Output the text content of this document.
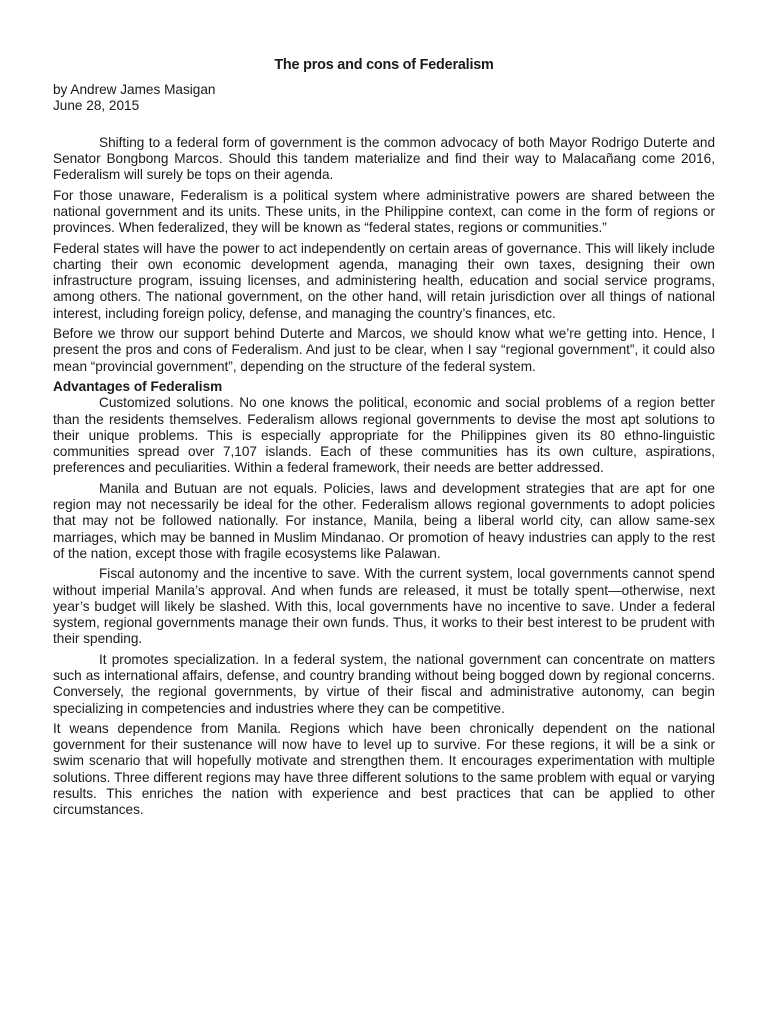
The pros and cons of Federalism
by Andrew James Masigan
June 28, 2015

Shifting to a federal form of government is the common advocacy of both Mayor Rodrigo Duterte and Senator Bongbong Marcos. Should this tandem materialize and find their way to Malacañang come 2016, Federalism will surely be tops on their agenda.

For those unaware, Federalism is a political system where administrative powers are shared between the national government and its units. These units, in the Philippine context, can come in the form of regions or provinces. When federalized, they will be known as “federal states, regions or communities.”

Federal states will have the power to act independently on certain areas of governance. This will likely include charting their own economic development agenda, managing their own taxes, designing their own infrastructure program, issuing licenses, and administering health, education and social service programs, among others. The national government, on the other hand, will retain jurisdiction over all things of national interest, including foreign policy, defense, and managing the country’s finances, etc.

Before we throw our support behind Duterte and Marcos, we should know what we’re getting into. Hence, I present the pros and cons of Federalism. And just to be clear, when I say “regional government”, it could also mean “provincial government”, depending on the structure of the federal system.

Advantages of Federalism

Customized solutions. No one knows the political, economic and social problems of a region better than the residents themselves. Federalism allows regional governments to devise the most apt solutions to their unique problems. This is especially appropriate for the Philippines given its 80 ethno-linguistic communities spread over 7,107 islands. Each of these communities has its own culture, aspirations, preferences and peculiarities. Within a federal framework, their needs are better addressed.

Manila and Butuan are not equals. Policies, laws and development strategies that are apt for one region may not necessarily be ideal for the other. Federalism allows regional governments to adopt policies that may not be followed nationally. For instance, Manila, being a liberal world city, can allow same-sex marriages, which may be banned in Muslim Mindanao. Or promotion of heavy industries can apply to the rest of the nation, except those with fragile ecosystems like Palawan.

Fiscal autonomy and the incentive to save. With the current system, local governments cannot spend without imperial Manila’s approval. And when funds are released, it must be totally spent—otherwise, next year’s budget will likely be slashed. With this, local governments have no incentive to save. Under a federal system, regional governments manage their own funds. Thus, it works to their best interest to be prudent with their spending.

It promotes specialization. In a federal system, the national government can concentrate on matters such as international affairs, defense, and country branding without being bogged down by regional concerns. Conversely, the regional governments, by virtue of their fiscal and administrative autonomy, can begin specializing in competencies and industries where they can be competitive.

It weans dependence from Manila. Regions which have been chronically dependent on the national government for their sustenance will now have to level up to survive. For these regions, it will be a sink or swim scenario that will hopefully motivate and strengthen them. It encourages experimentation with multiple solutions. Three different regions may have three different solutions to the same problem with equal or varying results. This enriches the nation with experience and best practices that can be applied to other circumstances.
